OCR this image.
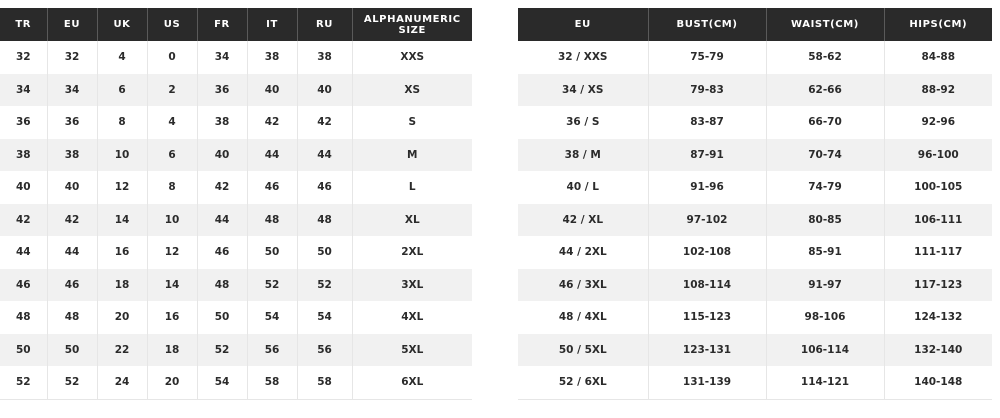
TR	EU	UK	US	FR	IT	RU	ALPHANUMERIC
SIZE
32	32	4	0	34	38	38	XXS
34	34	6	2	36	40	40	XS
36	36	8	4	38	42	42	S
38	38	10	6	40	44	44	M
40	40	12	8	42	46	46	L
42	42	14	10	44	48	48	XL
44	44	16	12	46	50	50	2XL
46	46	18	14	48	52	52	3XL
48	48	20	16	50	54	54	4XL
50	50	22	18	52	56	56	5XL
52	52	24	20	54	58	58	6XL
EU	BUST(CM)	WAIST(CM)	HIPS(CM)
32 / XXS	75-79	58-62	84-88
34 / XS	79-83	62-66	88-92
36 / S	83-87	66-70	92-96
38 / M	87-91	70-74	96-100
40 / L	91-96	74-79	100-105
42 / XL	97-102	80-85	106-111
44 / 2XL	102-108	85-91	111-117
46 / 3XL	108-114	91-97	117-123
48 / 4XL	115-123	98-106	124-132
50 / 5XL	123-131	106-114	132-140
52 / 6XL	131-139	114-121	140-148
